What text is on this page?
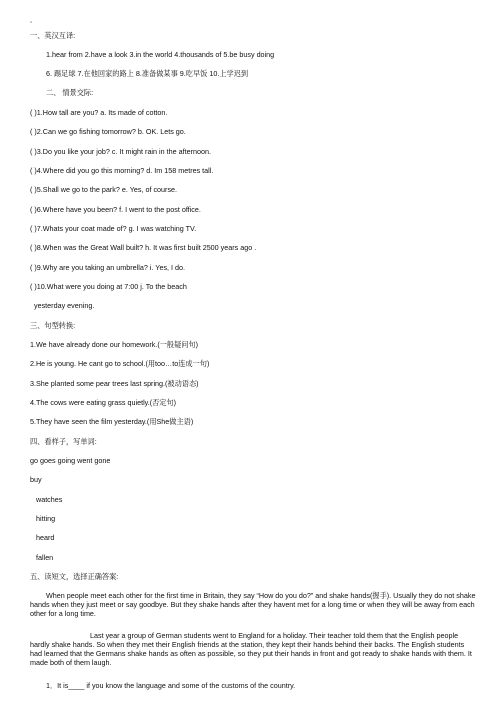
▫
一、英汉互译:
1.hear from 2.have a look 3.in the world 4.thousands of 5.be busy doing
6. 踢足球 7.在他回家的路上 8.准备做某事 9.吃早饭 10.上学迟到
二、 情景交际:
( )1.How tall are you? a. Its made of cotton.
( )2.Can we go fishing tomorrow? b. OK. Lets go.
( )3.Do you like your job? c. It might rain in the afternoon.
( )4.Where did you go this morning? d. Im 158 metres tall.
( )5.Shall we go to the park? e. Yes, of course.
( )6.Where have you been? f. I went to the post office.
( )7.Whats your coat made of? g. I was watching TV.
( )8.When was the Great Wall built? h. It was first built 2500 years ago .
( )9.Why are you taking an umbrella? i. Yes, I do.
( )10.What were you doing at 7:00 j. To the beach
yesterday evening.
三、句型转换:
1.We have already done our homework.(一般疑问句)
2.He is young. He cant go to school.(用too…to连成一句)
3.She planted some pear trees last spring.(被动语态)
4.The cows were eating grass quietly.(否定句)
5.They have seen the film yesterday.(用She做主语)
四、看样子，写单词:
go goes going went gone
buy
watches
hitting
heard
fallen
五、读短文，选择正确答案:
When people meet each other for the first time in Britain, they say “How do you do?” and shake hands(握手). Usually they do not shake hands when they just meet or say goodbye. But they shake hands after they havent met for a long time or when they will be away from each other for a long time.
Last year a group of German students went to England for a holiday. Their teacher told them that the English people hardly shake hands. So when they met their English friends at the station, they kept their hands behind their backs. The English students had learned that the Germans shake hands as often as possible, so they put their hands in front and got ready to shake hands with them. It made both of them laugh.
1．It is____ if you know the language and some of the customs of the country.
